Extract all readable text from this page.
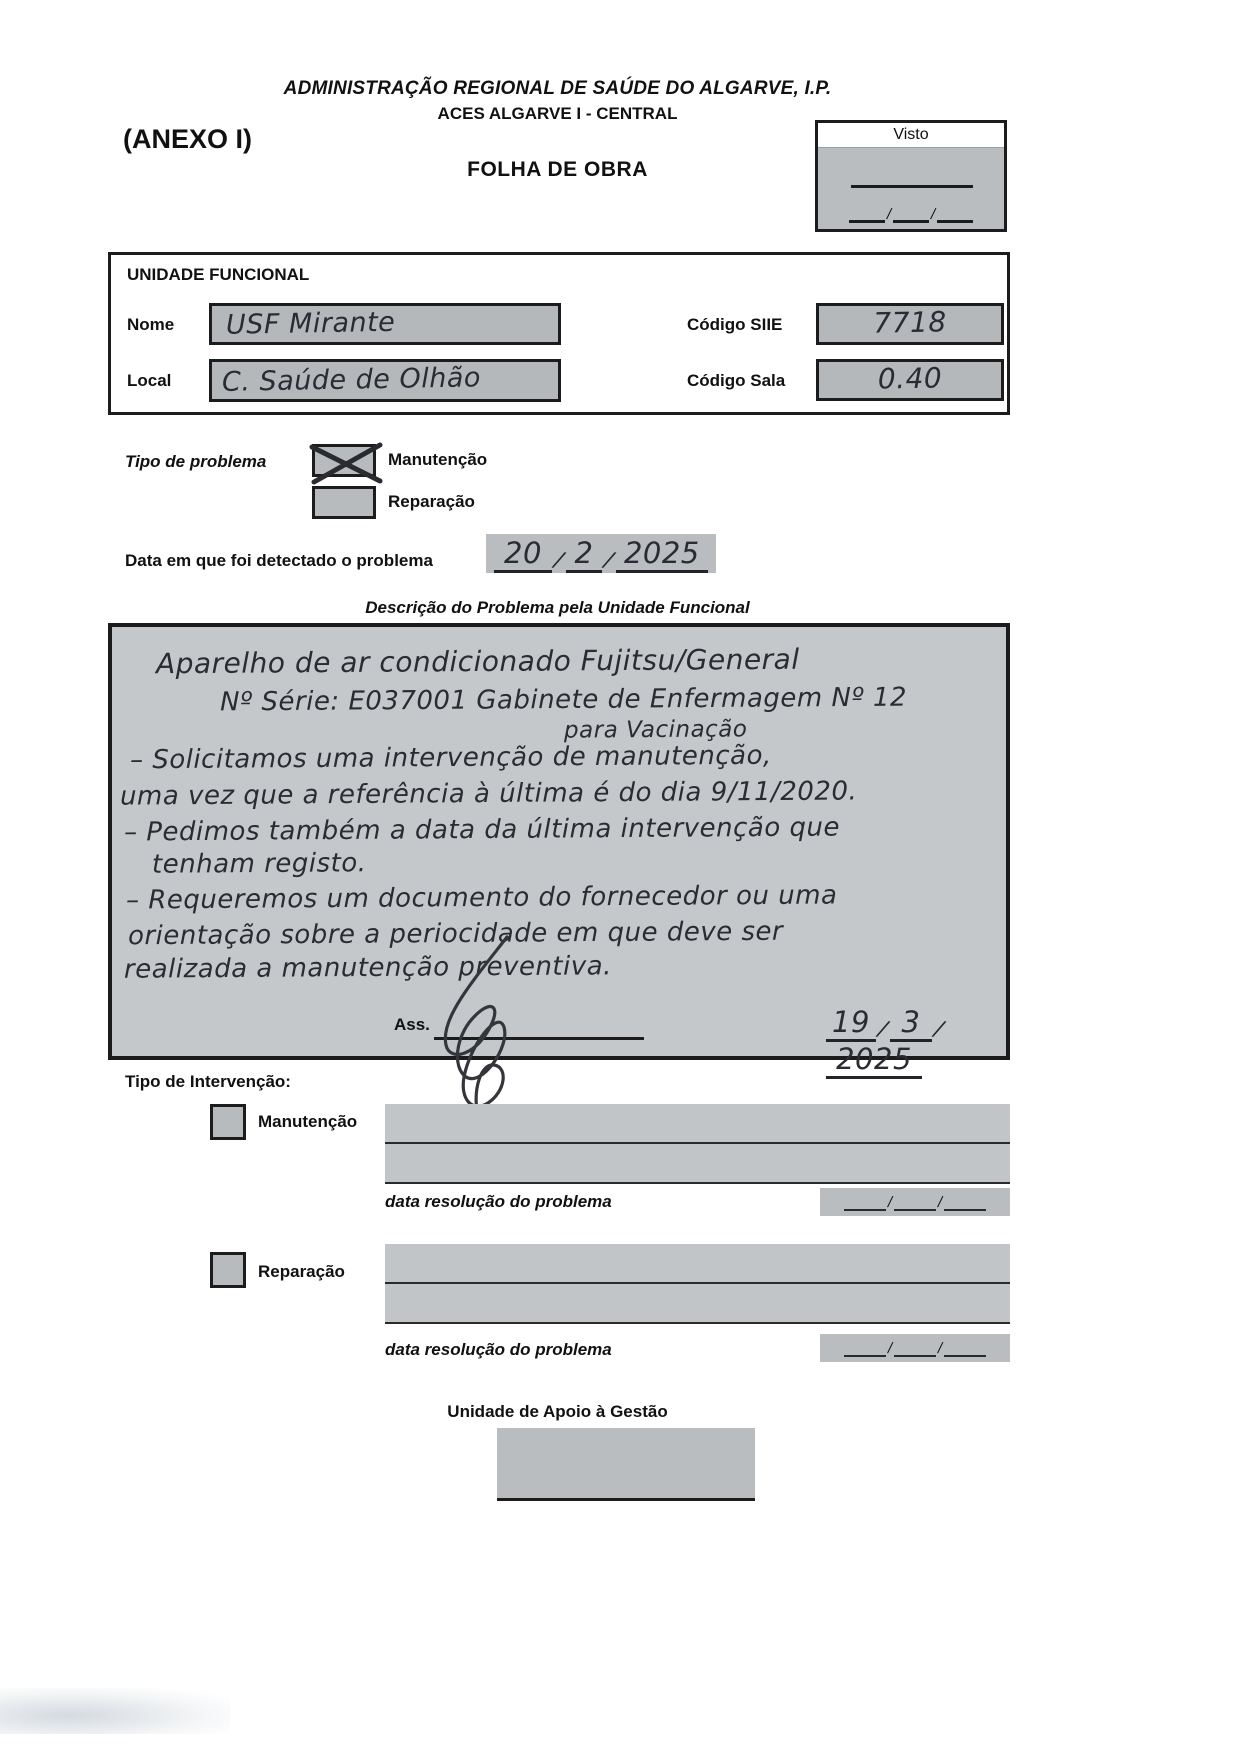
ADMINISTRAÇÃO REGIONAL DE SAÚDE DO ALGARVE, I.P.
ACES ALGARVE I - CENTRAL
(ANEXO I)
FOLHA DE OBRA
Visto
/ /
UNIDADE FUNCIONAL
Nome	USF Mirante
Local	C. Saúde de Olhão
Código SIIE	7718
Código Sala	0.40
Tipo de problema	Manutenção
Reparação
Data em que foi detectado o problema	20 / 2 / 2025
Descrição do Problema pela Unidade Funcional
Aparelho de ar condicionado Fujitsu/General
Nº Série: E037001 Gabinete de Enfermagem Nº 12
para Vacinação
– Solicitamos uma intervenção de manutenção,
uma vez que a referência à última é do dia 9/11/2020.
– Pedimos também a data da última intervenção que
tenham registo.
– Requeremos um documento do fornecedor ou uma
orientação sobre a periocidade em que deve ser
realizada a manutenção preventiva.
Ass.	19 / 3 /2025
Tipo de Intervenção:
Manutenção
data resolução do problema	/	/
Reparação
data resolução do problema	/	/
Unidade de Apoio à Gestão
